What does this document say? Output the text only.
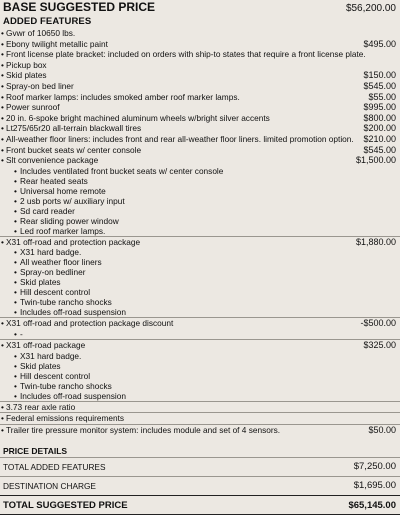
BASE SUGGESTED PRICE	$56,200.00
ADDED FEATURES
• Gvwr of 10650 lbs.
• Ebony twilight metallic paint	$495.00
• Front license plate bracket: included on orders with ship-to states that require a front license plate.
• Pickup box
• Skid plates	$150.00
• Spray-on bed liner	$545.00
• Roof marker lamps: includes smoked amber roof marker lamps.	$55.00
• Power sunroof	$995.00
• 20 in. 6-spoke bright machined aluminum wheels w/bright silver accents	$800.00
• Lt275/65r20 all-terrain blackwall tires	$200.00
• All-weather floor liners: includes front and rear all-weather floor liners. limited promotion option.	$210.00
• Front bucket seats w/ center console	$545.00
• Slt convenience package	$1,500.00
• Includes ventilated front bucket seats w/ center console
• Rear heated seats
• Universal home remote
• 2 usb ports w/ auxiliary input
• Sd card reader
• Rear sliding power window
• Led roof marker lamps.
• X31 off-road and protection package	$1,880.00
• X31 hard badge.
• All weather floor liners
• Spray-on bedliner
• Skid plates
• Hill descent control
• Twin-tube rancho shocks
• Includes off-road suspension
• X31 off-road and protection package discount	-$500.00
• -
• X31 off-road package	$325.00
• X31 hard badge.
• Skid plates
• Hill descent control
• Twin-tube rancho shocks
• Includes off-road suspension
• 3.73 rear axle ratio
• Federal emissions requirements
• Trailer tire pressure monitor system: includes module and set of 4 sensors.	$50.00
PRICE DETAILS
TOTAL ADDED FEATURES	$7,250.00
DESTINATION CHARGE	$1,695.00
TOTAL SUGGESTED PRICE	$65,145.00
